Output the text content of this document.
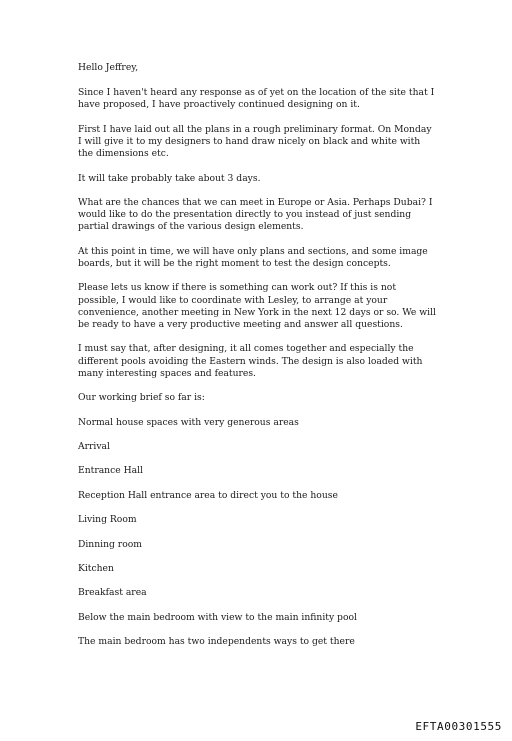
Hello Jeffrey,

Since I haven't heard any response as of yet on the location of the site that I have proposed, I have proactively continued designing on it.

First I have laid out all the plans in a rough preliminary format. On Monday I will give it to my designers to hand draw nicely on black and white with the dimensions etc.

It will take probably take about 3 days.

What are the chances that we can meet in Europe or Asia. Perhaps Dubai? I would like to do the presentation directly to you instead of just sending partial drawings of the various design elements.

At this point in time, we will have only plans and sections, and some image boards, but it will be the right moment to test the design concepts.

Please lets us know if there is something can work out? If this is not possible, I would like to coordinate with Lesley, to arrange at your convenience, another meeting in New York in the next 12 days or so. We will be ready to have a very productive meeting and answer all questions.

I must say that, after designing, it all comes together and especially the different pools avoiding the Eastern winds. The design is also loaded with many interesting spaces and features.

Our working brief so far is:

Normal house spaces with very generous areas
Arrival
Entrance Hall
Reception Hall entrance area to direct you to the house
Living Room
Dinning room
Kitchen
Breakfast area
Below the main bedroom with view to the main infinity pool
The main bedroom has two independents ways to get there
EFTA00301555
